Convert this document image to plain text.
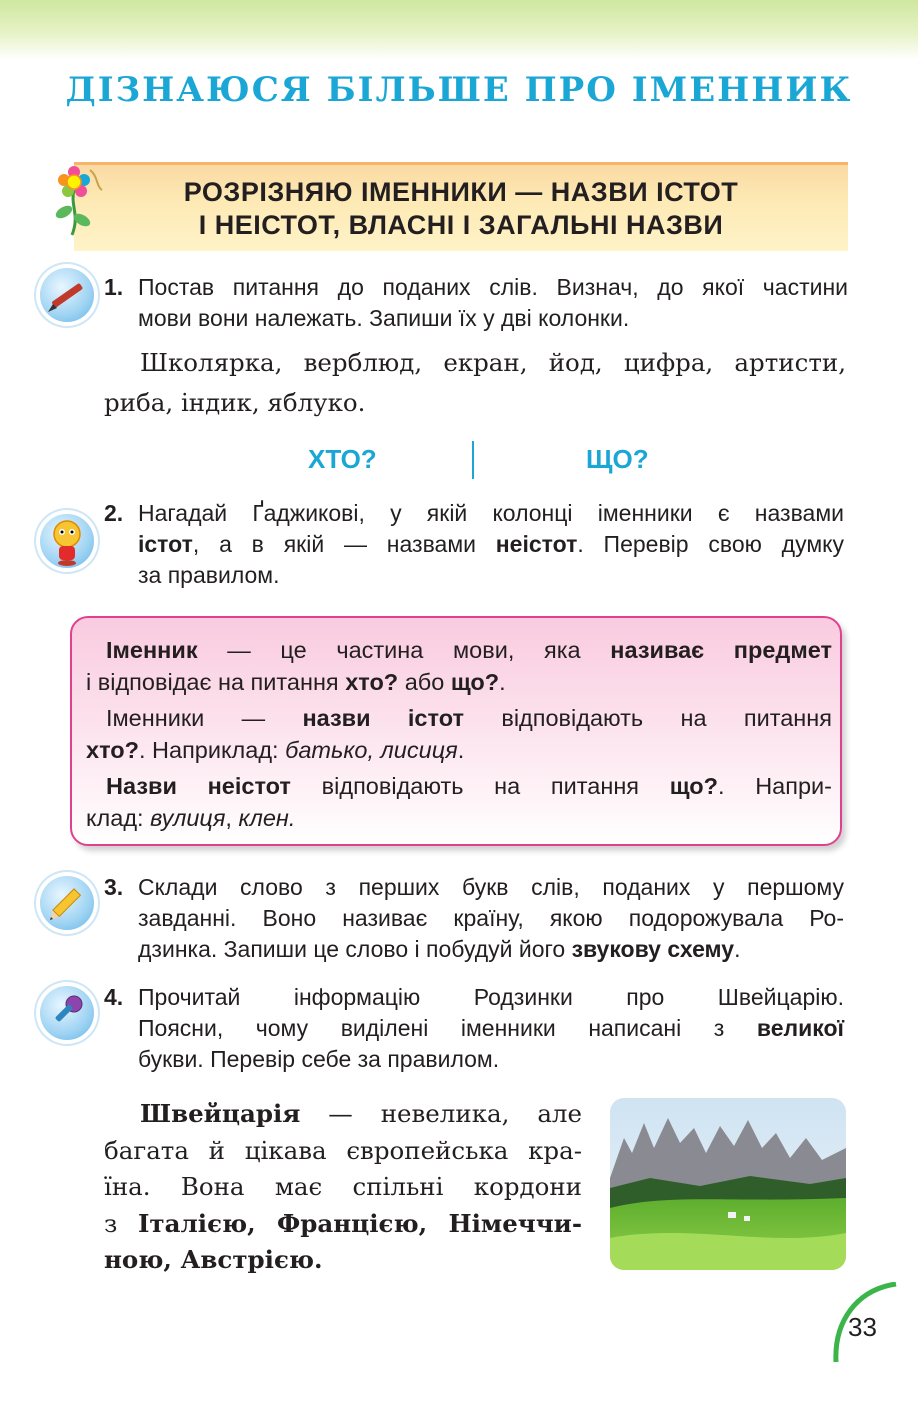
ДІЗНАЮСЯ БІЛЬШЕ ПРО ІМЕННИК
РОЗРІЗНЯЮ ІМЕННИКИ — НАЗВИ ІСТОТ
І НЕІСТОТ, ВЛАСНІ І ЗАГАЛЬНІ НАЗВИ
1. Постав питання до поданих слів. Визнач, до якої частини
мови вони належать. Запиши їх у дві колонки.
Школярка, верблюд, екран, йод, цифра, артисти,
риба, індик, яблуко.
ХТО?	ЩО?
2. Нагадай Ґаджикові, у якій колонці іменники є назвами
істот, а в якій — назвами неістот. Перевір свою думку
за правилом.
Іменник — це частина мови, яка називає предмет
і відповідає на питання хто? або що?.
Іменники — назви істот відповідають на питання
хто?. Наприклад: батько, лисиця.
Назви неістот відповідають на питання що?. Напри-
клад: вулиця, клен.
3. Склади слово з перших букв слів, поданих у першому
завданні. Воно називає країну, якою подорожувала Ро-
дзинка. Запиши це слово і побудуй його звукову схему.
4. Прочитай інформацію Родзинки про Швейцарію.
Поясни, чому виділені іменники написані з великої
букви. Перевір себе за правилом.
Швейцарія — невелика, але
багата й цікава європейська кра-
їна. Вона має спільні кордони
з Італією, Францією, Німеччи-
ною, Австрією.
33
